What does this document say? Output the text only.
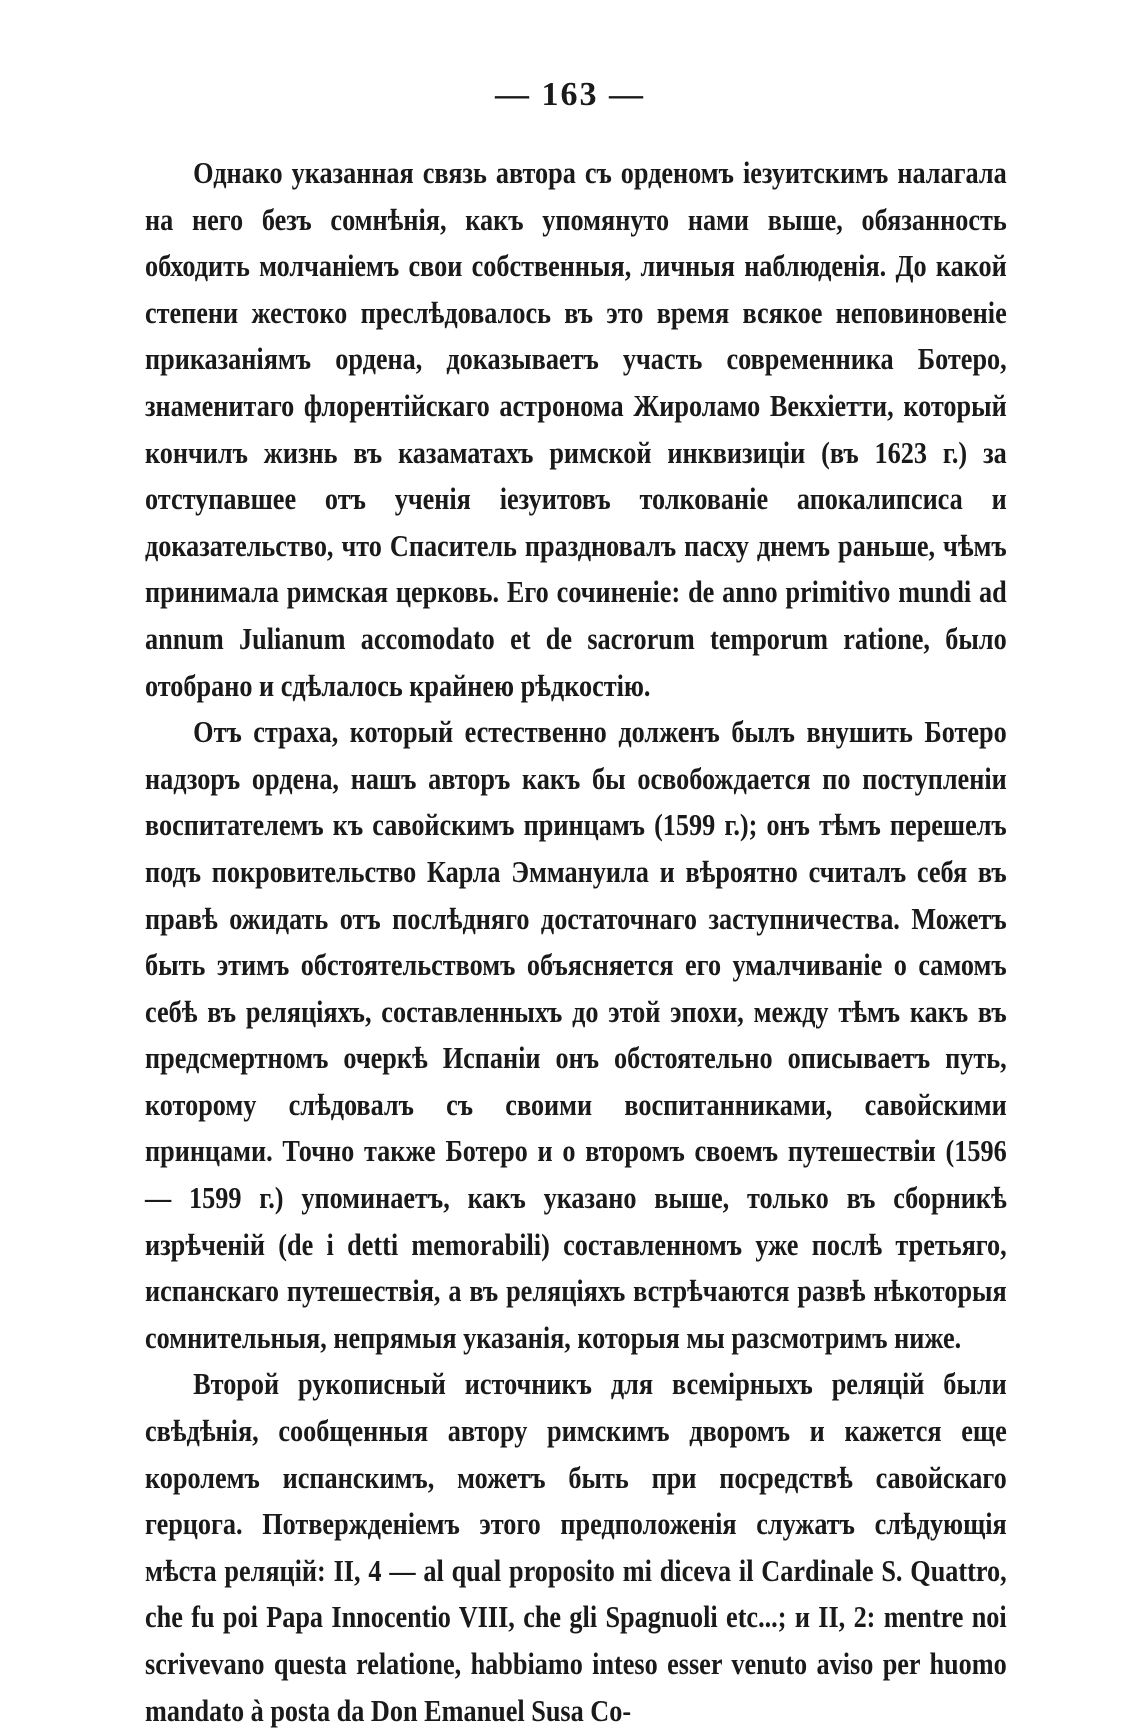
— 163 —

Однако указанная связь автора съ орденомъ iезуитскимъ налагала на него безъ сомнѣнiя, какъ упомянуто нами выше, обязанность обходить молчанiемъ свои собственныя, личныя наблюденiя. До какой степени жестоко преслѣдовалось въ это время всякое неповиновенiе приказанiямъ ордена, доказываетъ участь современника Ботеро, знаменитаго флорентiйскаго астронома Жироламо Векхiетти, который кончилъ жизнь въ казаматахъ римской инквизицiи (въ 1623 г.) за отступавшее отъ ученiя iезуитовъ толкованiе апокалипсиса и доказательство, что Спаситель праздновалъ пасху днемъ раньше, чѣмъ принимала римская церковь. Его сочиненiе: de anno primitivo mundi ad annum Julianum accomodato et de sacrorum temporum ratione, было отобрано и сдѣлалось крайнею рѣдкостiю.

Отъ страха, который естественно долженъ былъ внушить Ботеро надзоръ ордена, нашъ авторъ какъ бы освобождается по поступленiи воспитателемъ къ савойскимъ принцамъ (1599 г.); онъ тѣмъ перешелъ подъ покровительство Карла Эммануила и вѣроятно считалъ себя въ правѣ ожидать отъ послѣдняго достаточнаго заступничества. Можетъ быть этимъ обстоятельствомъ объясняется его умалчиванiе о самомъ себѣ въ реляцiяхъ, составленныхъ до этой эпохи, между тѣмъ какъ въ предсмертномъ очеркѣ Испанiи онъ обстоятельно описываетъ путь, которому слѣдовалъ съ своими воспитанниками, савойскими принцами. Точно также Ботеро и о второмъ своемъ путешествiи (1596 — 1599 г.) упоминаетъ, какъ указано выше, только въ сборникѣ изрѣченiй (de i detti memorabili) составленномъ уже послѣ третьяго, испанскаго путешествiя, а въ реляцiяхъ встрѣчаются развѣ нѣкоторыя сомнительныя, непрямыя указанiя, которыя мы разсмотримъ ниже.

Второй рукописный источникъ для всемiрныхъ реляцiй были свѣдѣнiя, сообщенныя автору римскимъ дворомъ и кажется еще королемъ испанскимъ, можетъ быть при посредствѣ савойскаго герцога. Потвержденiемъ этого предположенiя служатъ слѣдующiя мѣста реляцiй: II, 4 — al qual proposito mi diceva il Cardinale S. Quattro, che fu poi Papa Innocentio VIII, che gli Spagnuoli etc...; и II, 2: mentre noi scrivevano questa relatione, habbiamo inteso esser venuto aviso per huomo mandato à posta da Don Emanuel Susa Co-
